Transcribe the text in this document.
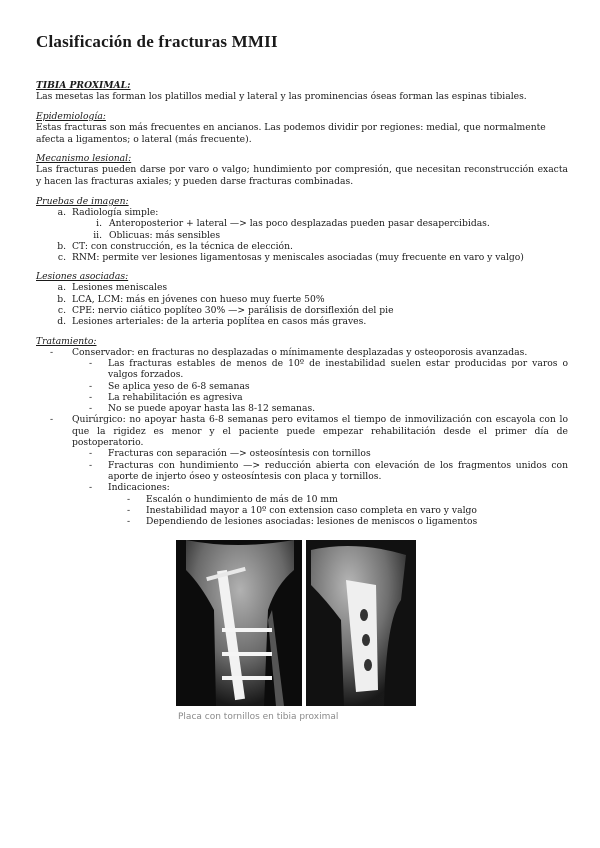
Clasificación de fracturas MMII
TIBIA PROXIMAL:

Las mesetas las forman los platillos medial y lateral y las prominencias óseas forman las espinas tibiales.

Epidemiología:

Estas fracturas son más frecuentes en ancianos. Las podemos dividir por regiones: medial, que normalmente afecta a ligamentos; o lateral (más frecuente).

Mecanismo lesional:

Las fracturas pueden darse por varo o valgo; hundimiento por compresión, que necesitan reconstrucción exacta y hacen las fracturas axiales; y pueden darse fracturas combinadas.

Pruebas de imagen:
a. Radiología simple:
i. Anteroposterior + lateral —> las poco desplazadas pueden pasar desapercibidas.
ii. Oblicuas: más sensibles
b. CT: con construcción, es la técnica de elección.
c. RNM: permite ver lesiones ligamentosas y meniscales asociadas (muy frecuente en varo y valgo)
Lesiones asociadas:
a. Lesiones meniscales
b. LCA, LCM: más en jóvenes con hueso muy fuerte 50%
c. CPE: nervio ciático poplíteo 30% —> parálisis de dorsiflexión del pie
d. Lesiones arteriales: de la arteria poplítea en casos más graves.
Tratamiento:
-	Conservador: en fracturas no desplazadas o mínimamente desplazadas y osteoporosis avanzadas.
-	Las fracturas estables de menos de 10º de inestabilidad suelen estar producidas por varos o valgos forzados.
-	Se aplica yeso de 6-8 semanas
-	La rehabilitación es agresiva
-	No se puede apoyar hasta las 8-12 semanas.
-	Quirúrgico: no apoyar hasta 6-8 semanas pero evitamos el tiempo de inmovilización con escayola con lo que la rigidez es menor y el paciente puede empezar rehabilitación desde el primer día de postoperatorio.
-	Fracturas con separación —> osteosíntesis con tornillos
-	Fracturas con hundimiento —> reducción abierta con elevación de los fragmentos unidos con aporte de injerto óseo y osteosíntesis con placa y tornillos.
-	Indicaciones:
-	Escalón o hundimiento de más de 10 mm
-	Inestabilidad mayor a 10º con extension caso completa en varo y valgo
-	Dependiendo de lesiones asociadas: lesiones de meniscos o ligamentos
Placa con tornillos en tibia proximal
